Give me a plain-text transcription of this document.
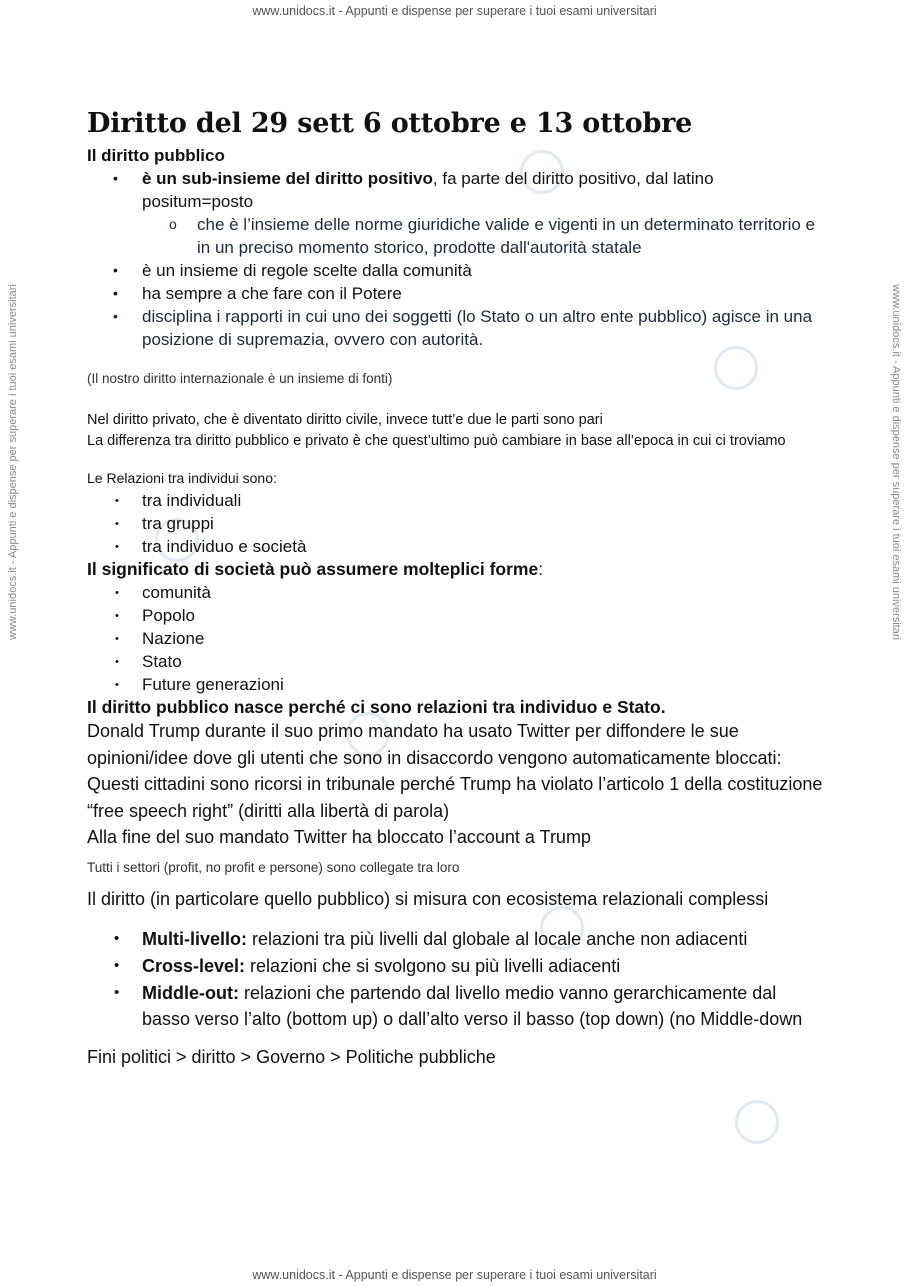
www.unidocs.it - Appunti e dispense per superare i tuoi esami universitari
www.unidocs.it - Appunti e dispense per superare i tuoi esami universitari
www.unidocs.it - Appunti e dispense per superare i tuoi esami universitari	www.unidocs.it - Appunti e dispense per superare i tuoi esami universitari
Diritto del 29 sett 6 ottobre e 13 ottobre

Il diritto pubblico

• è un sub-insieme del diritto positivo, fa parte del diritto positivo, dal latino positum=posto
o che è l’insieme delle norme giuridiche valide e vigenti in un determinato territorio e in un preciso momento storico, prodotte dall'autorità statale
• è un insieme di regole scelte dalla comunità
• ha sempre a che fare con il Potere
• disciplina i rapporti in cui uno dei soggetti (lo Stato o un altro ente pubblico) agisce in una posizione di supremazia, ovvero con autorità.

(Il nostro diritto internazionale è un insieme di fonti)

Nel diritto privato, che è diventato diritto civile, invece tutt’e due le parti sono pari

La differenza tra diritto pubblico e privato è che quest’ultimo può cambiare in base all’epoca in cui ci troviamo

Le Relazioni tra individui sono:

• tra individuali
• tra gruppi
• tra individuo e società

Il significato di società può assumere molteplici forme:

• comunità
• Popolo
• Nazione
• Stato
• Future generazioni

Il diritto pubblico nasce perché ci sono relazioni tra individuo e Stato.

Donald Trump durante il suo primo mandato ha usato Twitter per diffondere le sue opinioni/idee dove gli utenti che sono in disaccordo vengono automaticamente bloccati: Questi cittadini sono ricorsi in tribunale perché Trump ha violato l’articolo 1 della costituzione “free speech right” (diritti alla libertà di parola)

Alla fine del suo mandato Twitter ha bloccato l’account a Trump

Tutti i settori (profit, no profit e persone) sono collegate tra loro

Il diritto (in particolare quello pubblico) si misura con ecosistema relazionali complessi

• Multi-livello: relazioni tra più livelli dal globale al locale anche non adiacenti
• Cross-level: relazioni che si svolgono su più livelli adiacenti
• Middle-out: relazioni che partendo dal livello medio vanno gerarchicamente dal basso verso l’alto (bottom up) o dall’alto verso il basso (top down) (no Middle-down

Fini politici > diritto > Governo > Politiche pubbliche
